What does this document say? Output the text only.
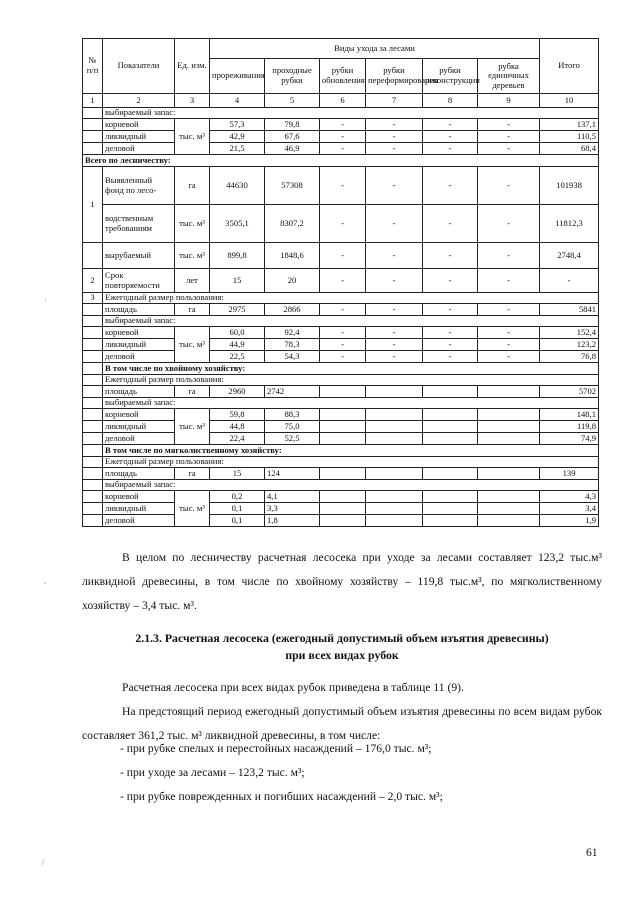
№ п/п	Показатели	Ед. изм.	Виды ухода за лесами						Итого
			прореживания	проходные рубки	рубки обновления	рубки переформирования	рубки реконструкции	рубка единичных деревьев	
1	2	3	4	5	6	7	8	9	10
	выбираемый запас:								
	корневой	тыс. м³	57,3	79,8	-	-	-	-	137,1
	ликвидный		42,9	67,6	-	-	-	-	110,5
	деловой		21,5	46,9	-	-	-	-	68,4
Всего по лесничеству:									
1	Выявленный фонд по лесо-	га	44630	57308	-	-	-	-	101938
	водственным требованиям	тыс. м³	3505,1	8307,2	-	-	-	-	11812,3
	вырубаемый	тыс. м³	899,8	1848,6	-	-	-	-	2748,4
2	Срок повторяемости	лет	15	20	-	-	-	-	-
3	Ежегодный размер пользования:								
	площадь	га	2975	2866	-	-	-	-	5841
	выбираемый запас:								
	корневой	тыс. м³	60,0	92,4	-	-	-	-	152,4
	ликвидный		44,9	78,3	-	-	-	-	123,2
	деловой		22,5	54,3	-	-	-	-	76,8
	В том числе по хвойному хозяйству:								
	Ежегодный размер пользования:								
	площадь	га	2960	2742					5702
	выбираемый запас:								
	корневой	тыс. м³	59,8	88,3					148,1
	ликвидный		44,8	75,0					119,8
	деловой		22,4	52,5					74,9
	В том числе по мягколиственному хозяйству:								
	Ежегодный размер пользования:								
	площадь	га	15	124					139
	выбираемый запас:								
	корневой	тыс. м³	0,2	4,1					4,3
	ликвидный		0,1	3,3					3,4
	деловой		0,1	1,8					1,9
В целом по лесничеству расчетная лесосека при уходе за лесами составляет 123,2 тыс.м³ ликвидной древесины, в том числе по хвойному хозяйству – 119,8 тыс.м³, по мягколиственному хозяйству – 3,4 тыс. м³.
2.1.3. Расчетная лесосека (ежегодный допустимый объем изъятия древесины)
при всех видах рубок
Расчетная лесосека при всех видах рубок приведена в таблице 11 (9).
На предстоящий период ежегодный допустимый объем изъятия древесины по всем видам рубок составляет 361,2 тыс. м³ ликвидной древесины, в том числе:
- при рубке спелых и перестойных насаждений – 176,0 тыс. м³;
- при уходе за лесами – 123,2 тыс. м³;
- при рубке поврежденных и погибших насаждений – 2,0 тыс. м³;
61
·
,
/
